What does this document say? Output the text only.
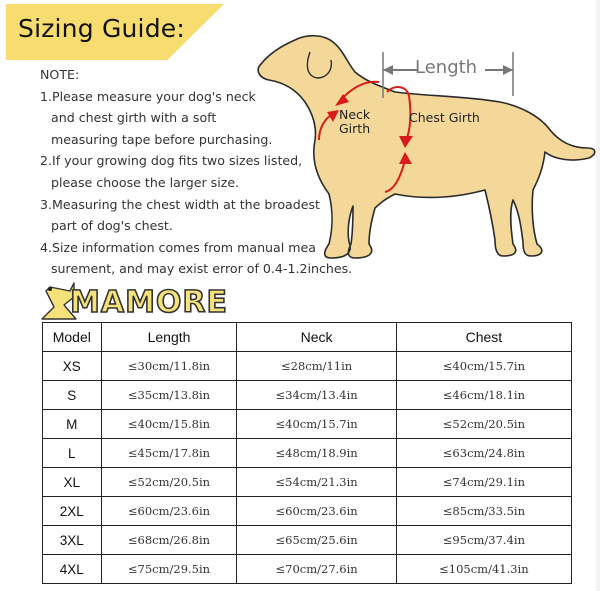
Sizing Guide:
NOTE:
1.Please measure your dog's neck
and chest girth with a soft
measuring tape before purchasing.
2.If your growing dog fits two sizes listed,
please choose the larger size.
3.Measuring the chest width at the broadest
part of dog's chest.
4.Size information comes from manual mea
surement, and may exist error of 0.4-1.2inches.
Length
Neck
Girth
Chest Girth
MAMORE
Model	Length	Neck	Chest
XS	≤30cm/11.8in	≤28cm/11in	≤40cm/15.7in
S	≤35cm/13.8in	≤34cm/13.4in	≤46cm/18.1in
M	≤40cm/15.8in	≤40cm/15.7in	≤52cm/20.5in
L	≤45cm/17.8in	≤48cm/18.9in	≤63cm/24.8in
XL	≤52cm/20.5in	≤54cm/21.3in	≤74cm/29.1in
2XL	≤60cm/23.6in	≤60cm/23.6in	≤85cm/33.5in
3XL	≤68cm/26.8in	≤65cm/25.6in	≤95cm/37.4in
4XL	≤75cm/29.5in	≤70cm/27.6in	≤105cm/41.3in
